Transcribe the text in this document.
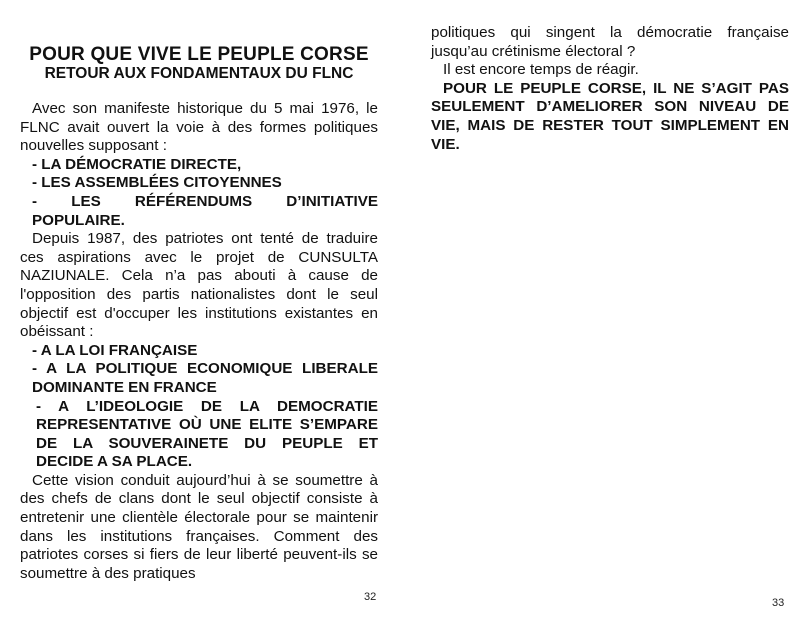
POUR QUE VIVE LE PEUPLE CORSE
RETOUR AUX FONDAMENTAUX DU FLNC

Avec son manifeste historique du 5 mai 1976, le FLNC avait ouvert la voie à des formes politiques nouvelles supposant :

- LA DÉMOCRATIE DIRECTE,

- LES ASSEMBLÉES CITOYENNES

- LES RÉFÉRENDUMS D’INITIATIVE POPULAIRE.

Depuis 1987, des patriotes ont tenté de traduire ces aspirations avec le projet de CUNSULTA NAZIUNALE. Cela n’a pas abouti à cause de l'opposition des partis nationalistes dont le seul objectif est d'occuper les institutions existantes en obéissant :

- A LA LOI FRANÇAISE

- A LA POLITIQUE ECONOMIQUE LIBERALE DOMINANTE EN FRANCE

- A L’IDEOLOGIE DE LA DEMOCRATIE REPRESENTATIVE OÙ UNE ELITE S’EMPARE DE LA SOUVERAINETE DU PEUPLE ET DECIDE A SA PLACE.

Cette vision conduit aujourd’hui à se soumettre à des chefs de clans dont le seul objectif consiste à entretenir une clientèle électorale pour se maintenir dans les institutions françaises. Comment des patriotes corses si fiers de leur liberté peuvent-ils se soumettre à des pratiques

32

politiques qui singent la démocratie française jusqu’au crétinisme électoral ?

Il est encore temps de réagir.

POUR LE PEUPLE CORSE, IL NE S’AGIT PAS SEULEMENT D’AMELIORER SON NIVEAU DE VIE, MAIS DE RESTER TOUT SIMPLEMENT EN VIE.

33
